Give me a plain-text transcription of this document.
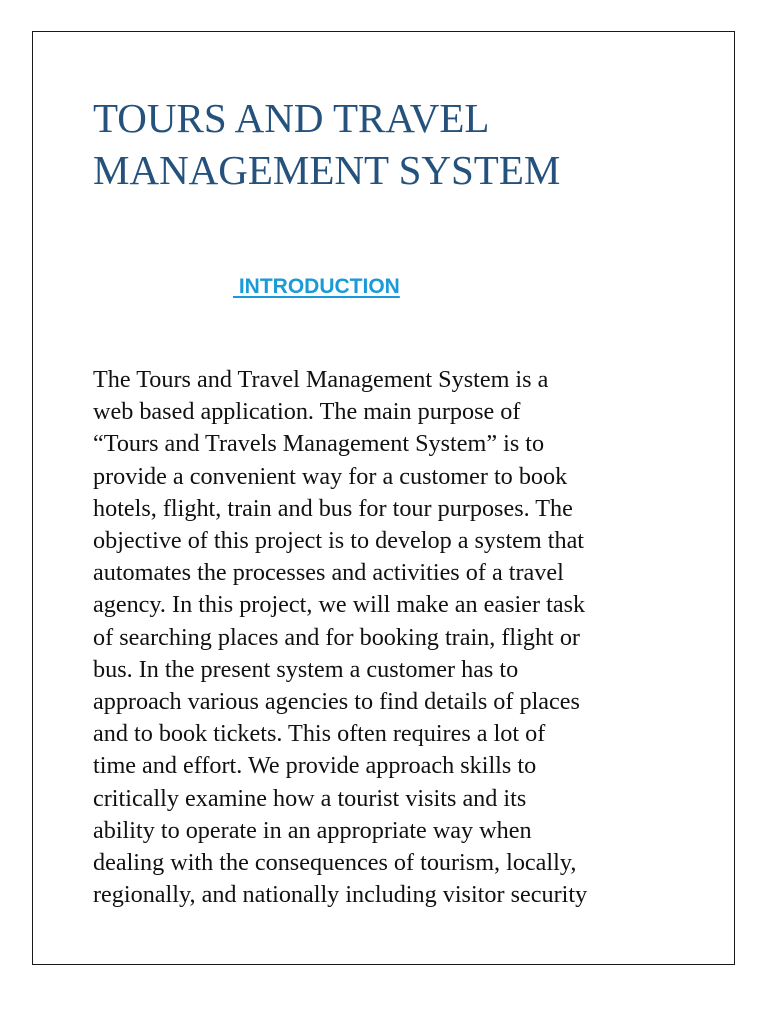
TOURS AND TRAVEL MANAGEMENT SYSTEM
INTRODUCTION
The Tours and Travel Management System is a
web based application. The main purpose of
“Tours and Travels Management System” is to
provide a convenient way for a customer to book
hotels, flight, train and bus for tour purposes. The
objective of this project is to develop a system that
automates the processes and activities of a travel
agency. In this project, we will make an easier task
of searching places and for booking train, flight or
bus. In the present system a customer has to
approach various agencies to find details of places
and to book tickets. This often requires a lot of
time and effort. We provide approach skills to
critically examine how a tourist visits and its
ability to operate in an appropriate way when
dealing with the consequences of tourism, locally,
regionally, and nationally including visitor security
